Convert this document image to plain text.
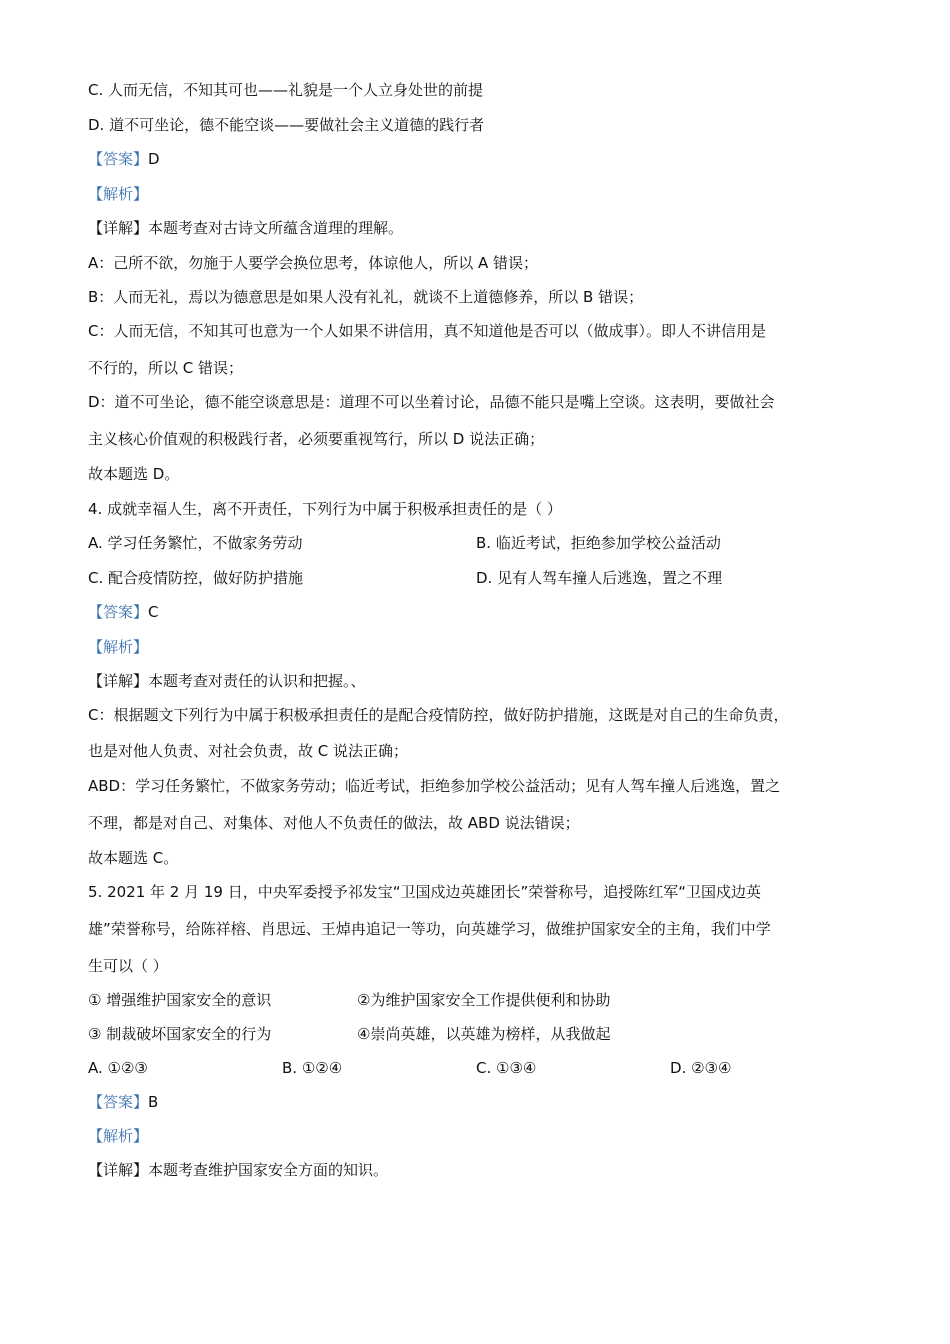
C. 人而无信，不知其可也——礼貌是一个人立身处世的前提
D. 道不可坐论，德不能空谈——要做社会主义道德的践行者
【答案】D
【解析】
【详解】本题考查对古诗文所蕴含道理的理解。
A：己所不欲，勿施于人要学会换位思考，体谅他人，所以 A 错误；
B：人而无礼，焉以为德意思是如果人没有礼礼，就谈不上道德修养，所以 B 错误；
C：人而无信，不知其可也意为一个人如果不讲信用，真不知道他是否可以（做成事）。即人不讲信用是
不行的，所以 C 错误；
D：道不可坐论，德不能空谈意思是：道理不可以坐着讨论，品德不能只是嘴上空谈。这表明，要做社会
主义核心价值观的积极践行者，必须要重视笃行，所以 D 说法正确；
故本题选 D。
4. 成就幸福人生，离不开责任，下列行为中属于积极承担责任的是（ ）
A. 学习任务繁忙，不做家务劳动	B. 临近考试，拒绝参加学校公益活动
C. 配合疫情防控，做好防护措施	D. 见有人驾车撞人后逃逸，置之不理
【答案】C
【解析】
【详解】本题考查对责任的认识和把握。、
C：根据题文下列行为中属于积极承担责任的是配合疫情防控，做好防护措施，这既是对自己的生命负责，
也是对他人负责、对社会负责，故 C 说法正确；
ABD：学习任务繁忙，不做家务劳动；临近考试，拒绝参加学校公益活动；见有人驾车撞人后逃逸，置之
不理，都是对自己、对集体、对他人不负责任的做法，故 ABD 说法错误；
故本题选 C。
5. 2021 年 2 月 19 日，中央军委授予祁发宝“卫国戍边英雄团长”荣誉称号，追授陈红军“卫国戍边英
雄”荣誉称号，给陈祥榕、肖思远、王焯冉追记一等功，向英雄学习，做维护国家安全的主角，我们中学
生可以（ ）
① 增强维护国家安全的意识	②为维护国家安全工作提供便利和协助
③ 制裁破坏国家安全的行为	④崇尚英雄，以英雄为榜样，从我做起
A. ①②③	B. ①②④	C. ①③④	D. ②③④
【答案】B
【解析】
【详解】本题考查维护国家安全方面的知识。
